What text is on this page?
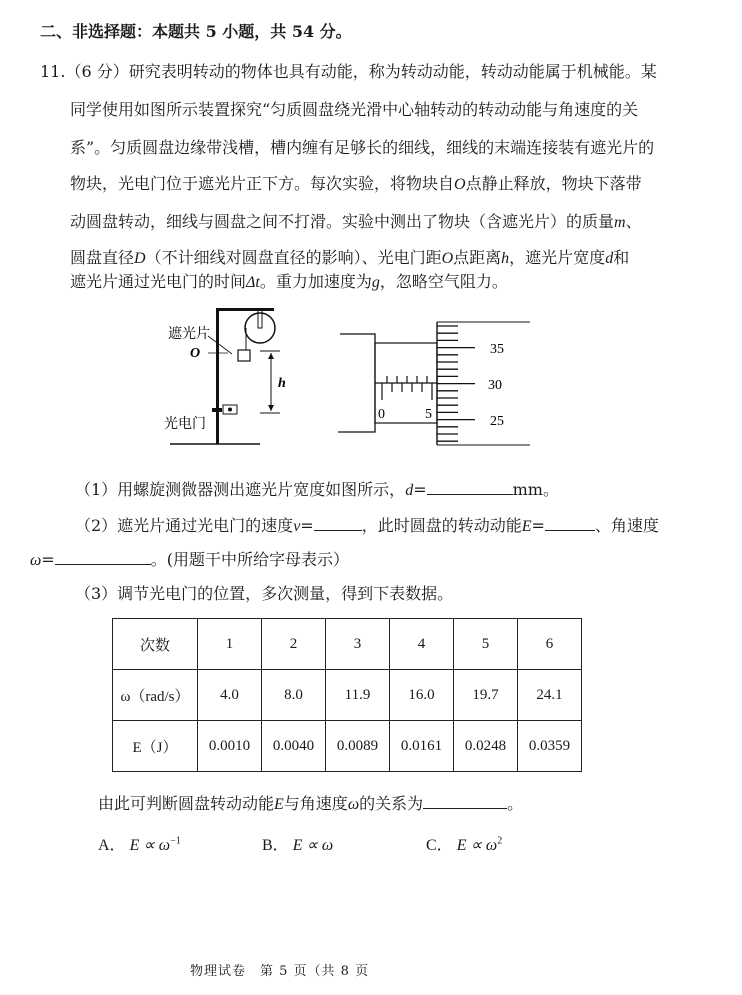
二、非选择题：本题共 5 小题，共 54 分。
11.（6 分）研究表明转动的物体也具有动能，称为转动动能，转动动能属于机械能。某
同学使用如图所示装置探究“匀质圆盘绕光滑中心轴转动的转动动能与角速度的关
系”。匀质圆盘边缘带浅槽，槽内缠有足够长的细线，细线的末端连接装有遮光片的
物块，光电门位于遮光片正下方。每次实验，将物块自O点静止释放，物块下落带
动圆盘转动，细线与圆盘之间不打滑。实验中测出了物块（含遮光片）的质量m、
圆盘直径D（不计细线对圆盘直径的影响）、光电门距O点距离h，遮光片宽度d和
遮光片通过光电门的时间Δt。重力加速度为g，忽略空气阻力。
遮光片
O
h
光电门
0	5
35
30
25
（1）用螺旋测微器测出遮光片宽度如图所示，d=	mm。
（2）遮光片通过光电门的速度v=	，此时圆盘的转动动能E=	、角速度
ω=	。(用题干中所给字母表示）
（3）调节光电门的位置，多次测量，得到下表数据。
次数	1	2	3	4	5	6
ω（rad/s）	4.0	8.0	11.9	16.0	19.7	24.1
E（J）	0.0010	0.0040	0.0089	0.0161	0.0248	0.0359
由此可判断圆盘转动动能E与角速度ω的关系为	。
A． $E \propto \omega^{-1}$	B． E ∝ ω	C． $E \propto \omega^2$
物理试卷　第 5 页（共 8 页
